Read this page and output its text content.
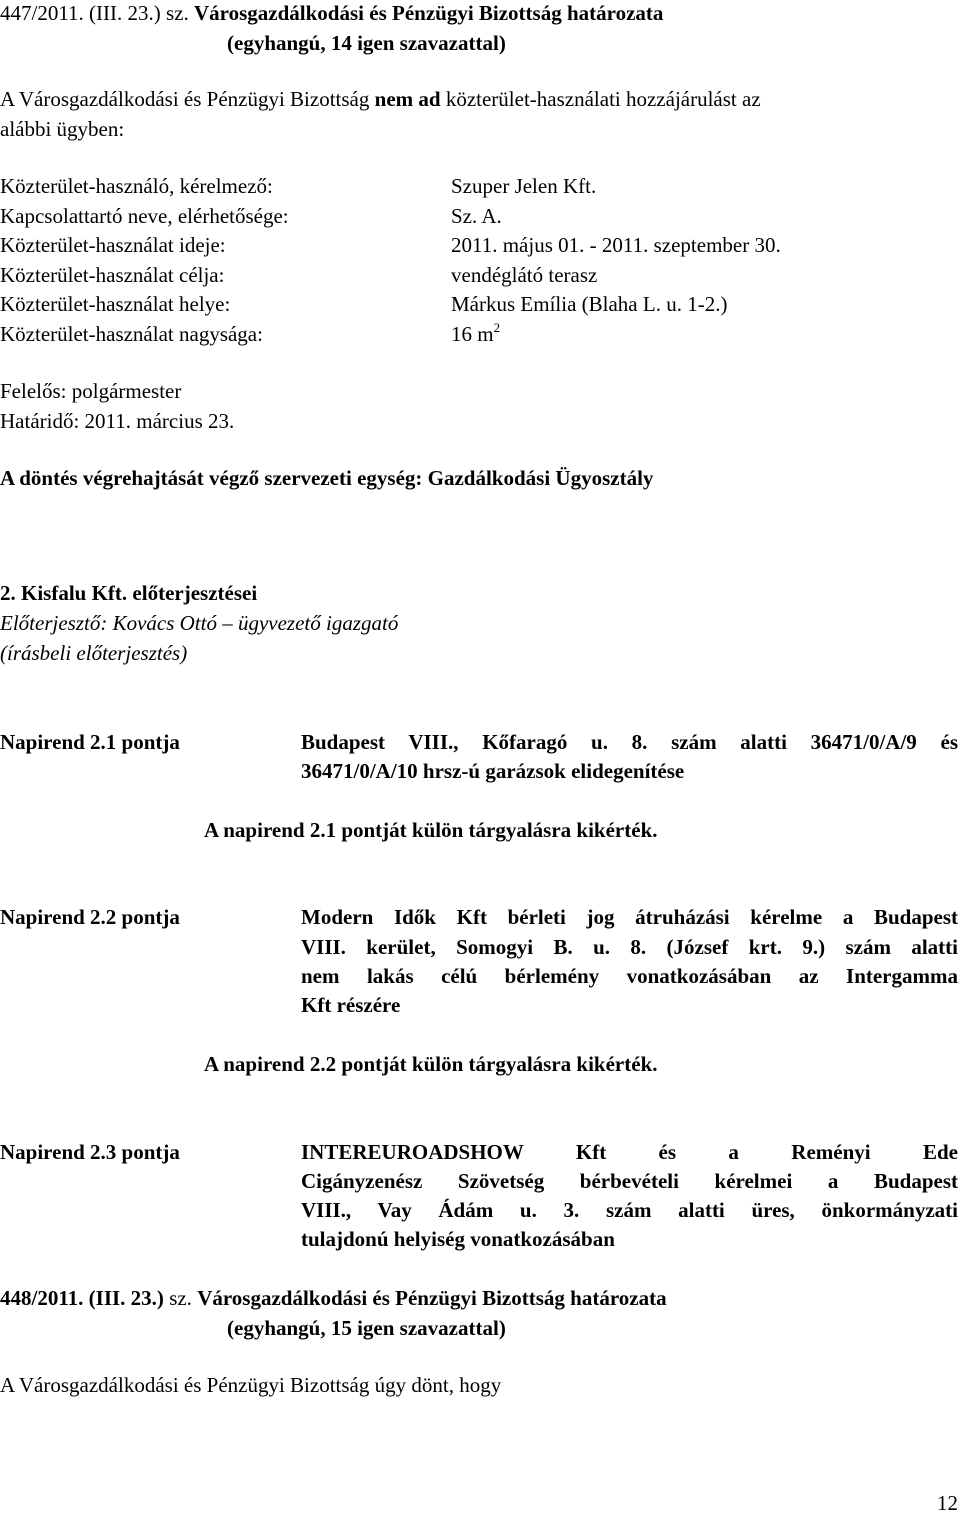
447/2011. (III. 23.) sz. Városgazdálkodási és Pénzügyi Bizottság határozata
(egyhangú, 14 igen szavazattal)
A Városgazdálkodási és Pénzügyi Bizottság nem ad közterület-használati hozzájárulást az
alábbi ügyben:
Közterület-használó, kérelmező:	Szuper Jelen Kft.
Kapcsolattartó neve, elérhetősége:	Sz. A.
Közterület-használat ideje:	2011. május 01. - 2011. szeptember 30.
Közterület-használat célja:	vendéglátó terasz
Közterület-használat helye:	Márkus Emília (Blaha L. u. 1-2.)
Közterület-használat nagysága:	16 $m^2$
Felelős: polgármester
Határidő: 2011. március 23.
A döntés végrehajtását végző szervezeti egység: Gazdálkodási Ügyosztály
2. Kisfalu Kft. előterjesztései
Előterjesztő: Kovács Ottó – ügyvezető igazgató
(írásbeli előterjesztés)
Napirend 2.1 pontja	Budapest VIII., Kőfaragó u. 8. szám alatti 36471/0/A/9 és
36471/0/A/10 hrsz-ú garázsok elidegenítése
A napirend 2.1 pontját külön tárgyalásra kikérték.
Napirend 2.2 pontja	Modern Idők Kft bérleti jog átruházási kérelme a Budapest
VIII. kerület, Somogyi B. u. 8. (József krt. 9.) szám alatti
nem lakás célú bérlemény vonatkozásában az Intergamma
Kft részére
A napirend 2.2 pontját külön tárgyalásra kikérték.
Napirend 2.3 pontja	INTEREUROADSHOW Kft és a Reményi Ede
Cigányzenész Szövetség bérbevételi kérelmei a Budapest
VIII., Vay Ádám u. 3. szám alatti üres, önkormányzati
tulajdonú helyiség vonatkozásában
448/2011. (III. 23.) sz. Városgazdálkodási és Pénzügyi Bizottság határozata
(egyhangú, 15 igen szavazattal)
A Városgazdálkodási és Pénzügyi Bizottság úgy dönt, hogy
12
